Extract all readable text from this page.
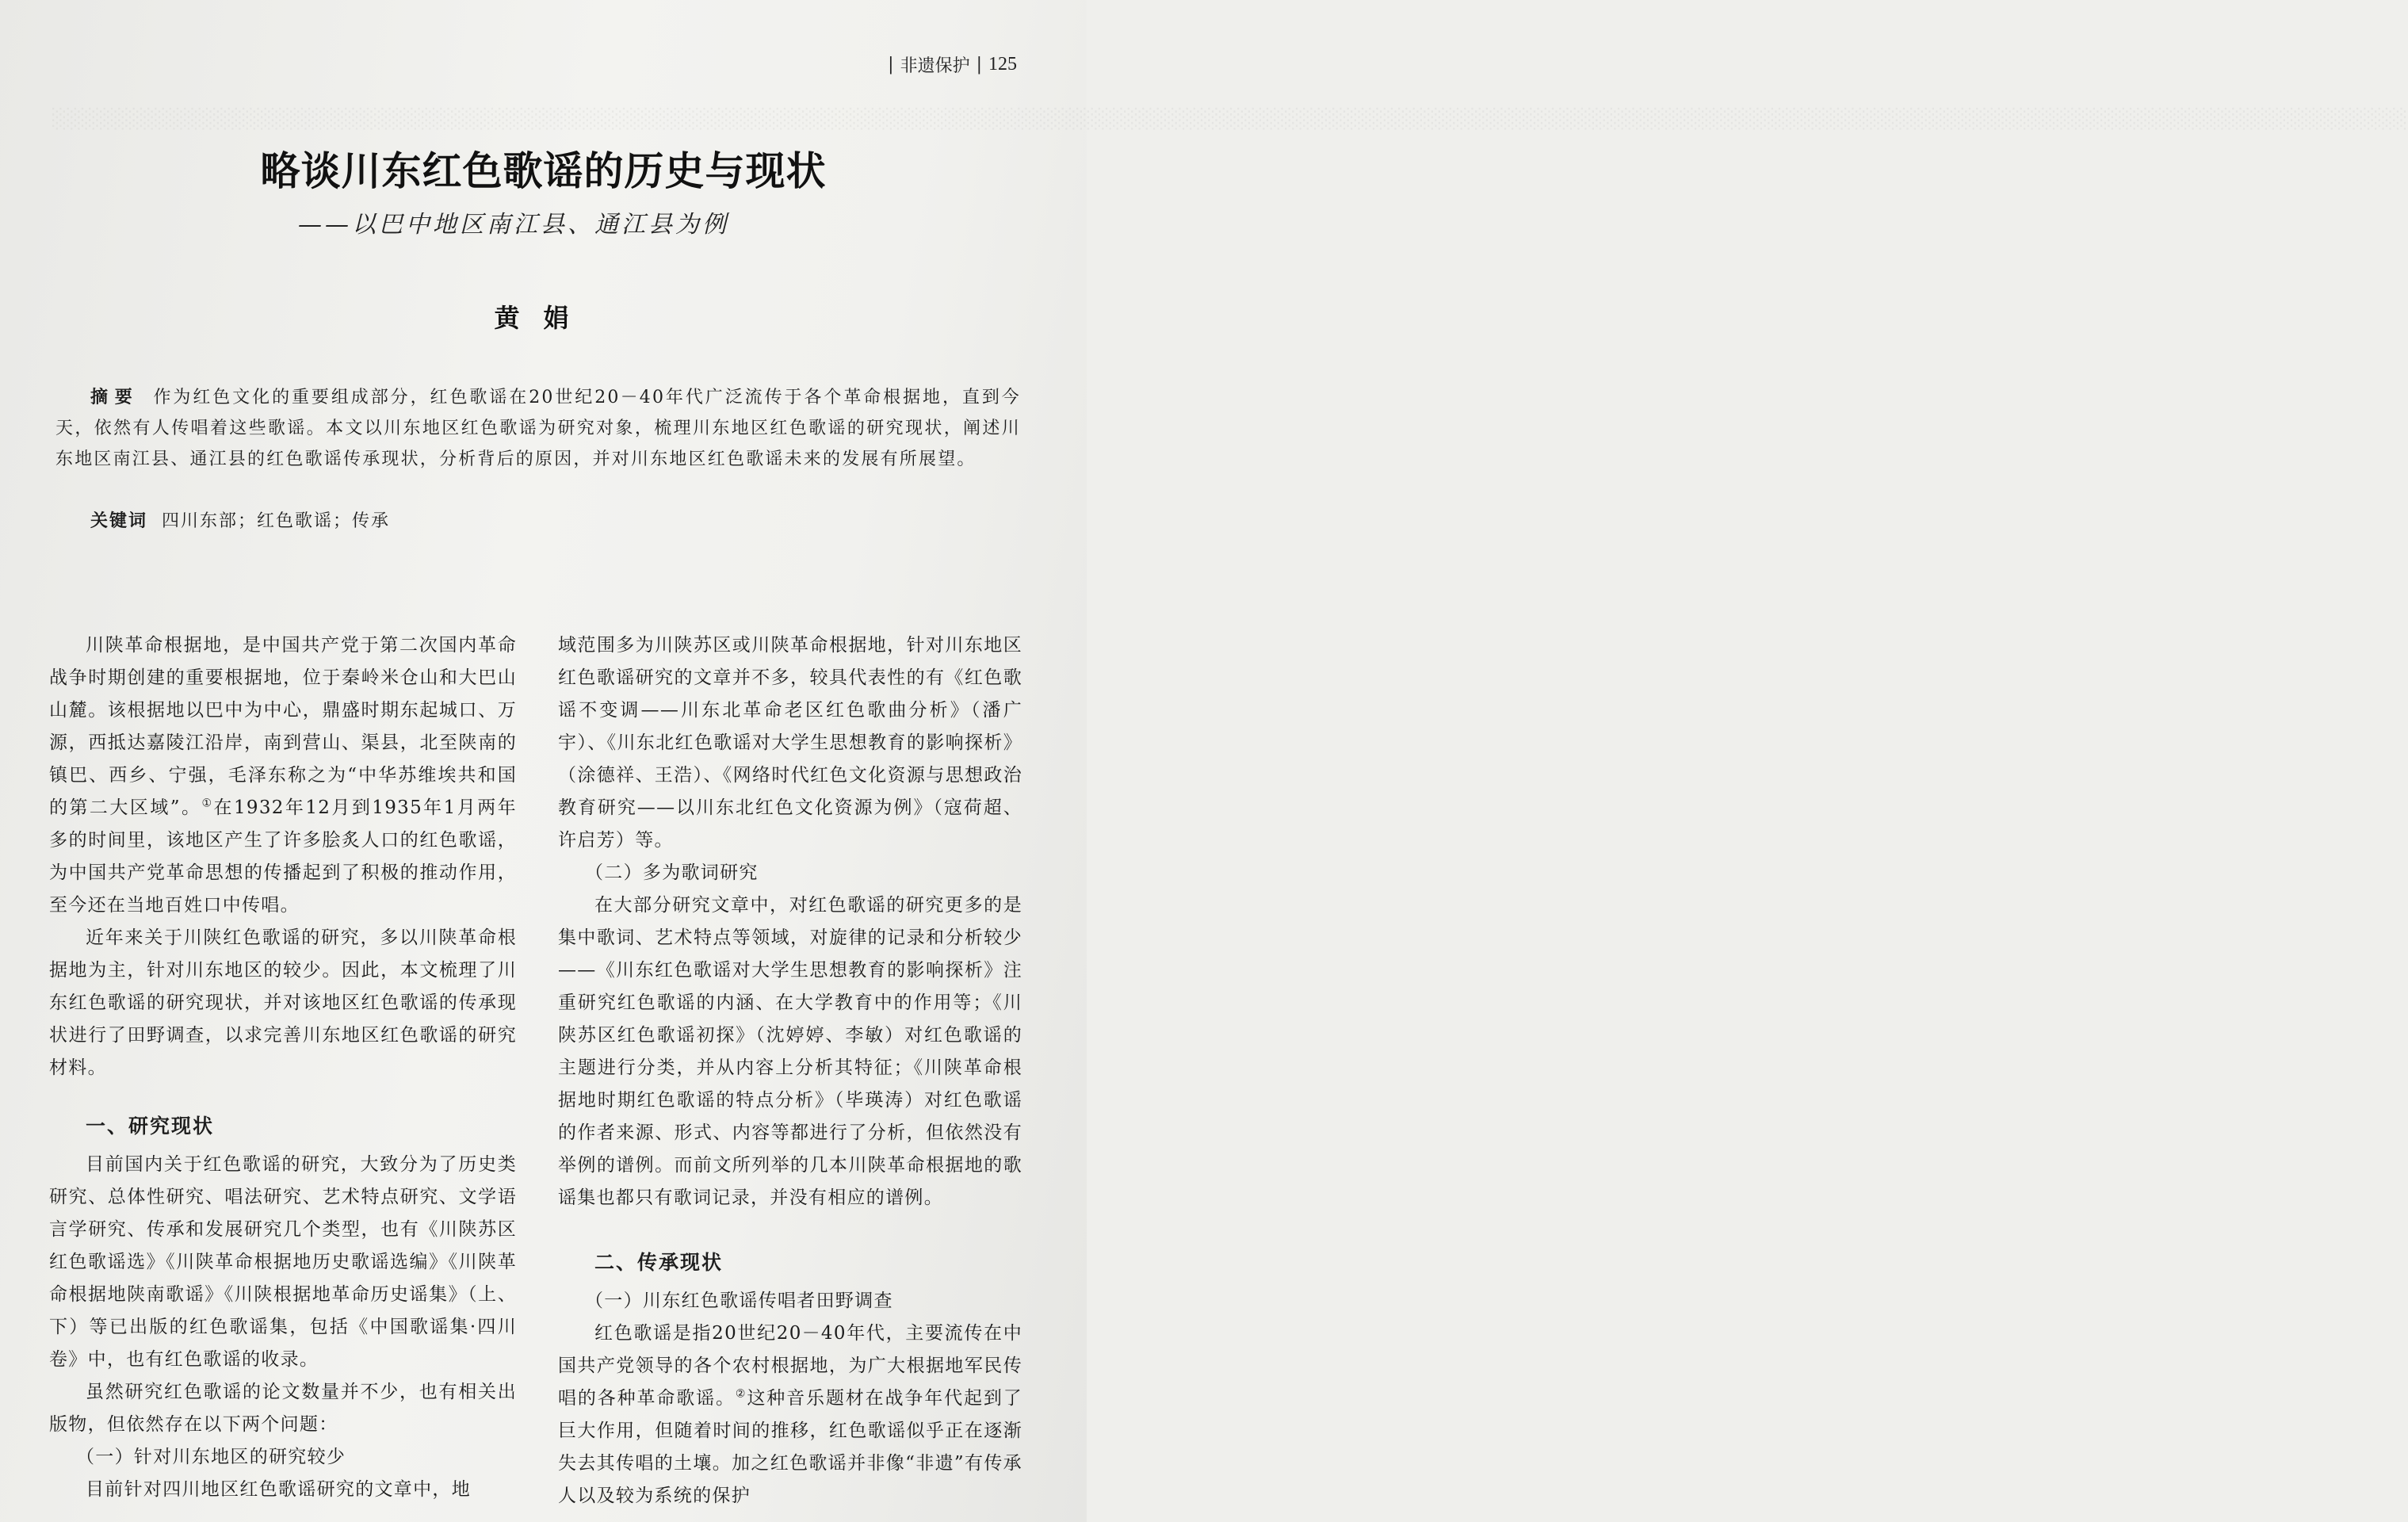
░░░░░░░░░░░░░░░░░░░░░░░░░░░░░░░░░░░░░░░░░░░░░░░░░░░░░░░░░░░░░░░░░░░░░░░░░░░░░░░░░░░░░░░░░░░░░░░░░░░░░░░░░░░░░░░░░░░░░░░░░░░░░░░░░░░░░░░░░░░░░░░░░░░░░░░░░░░░░░░░░
| 非遗保护 | 125
略谈川东红色歌谣的历史与现状
——以巴中地区南江县、通江县为例
黄娟
摘要 作为红色文化的重要组成部分，红色歌谣在20世纪20－40年代广泛流传于各个革命根据地，直到今天，依然有人传唱着这些歌谣。本文以川东地区红色歌谣为研究对象，梳理川东地区红色歌谣的研究现状，阐述川东地区南江县、通江县的红色歌谣传承现状，分析背后的原因，并对川东地区红色歌谣未来的发展有所展望。
关键词 四川东部；红色歌谣；传承

川陕革命根据地，是中国共产党于第二次国内革命战争时期创建的重要根据地，位于秦岭米仓山和大巴山山麓。该根据地以巴中为中心，鼎盛时期东起城口、万源，西抵达嘉陵江沿岸，南到营山、渠县，北至陕南的镇巴、西乡、宁强，毛泽东称之为“中华苏维埃共和国的第二大区域”。①在1932年12月到1935年1月两年多的时间里，该地区产生了许多脍炙人口的红色歌谣，为中国共产党革命思想的传播起到了积极的推动作用，至今还在当地百姓口中传唱。

近年来关于川陕红色歌谣的研究，多以川陕革命根据地为主，针对川东地区的较少。因此，本文梳理了川东红色歌谣的研究现状，并对该地区红色歌谣的传承现状进行了田野调查，以求完善川东地区红色歌谣的研究材料。

一、研究现状

目前国内关于红色歌谣的研究，大致分为了历史类研究、总体性研究、唱法研究、艺术特点研究、文学语言学研究、传承和发展研究几个类型，也有《川陕苏区红色歌谣选》《川陕革命根据地历史歌谣选编》《川陕革命根据地陕南歌谣》《川陕根据地革命历史谣集》（上、下）等已出版的红色歌谣集，包括《中国歌谣集·四川卷》中，也有红色歌谣的收录。

虽然研究红色歌谣的论文数量并不少，也有相关出版物，但依然存在以下两个问题：

（一）针对川东地区的研究较少

目前针对四川地区红色歌谣研究的文章中，地

域范围多为川陕苏区或川陕革命根据地，针对川东地区红色歌谣研究的文章并不多，较具代表性的有《红色歌谣不变调——川东北革命老区红色歌曲分析》（潘广宇）、《川东北红色歌谣对大学生思想教育的影响探析》（涂德祥、王浩）、《网络时代红色文化资源与思想政治教育研究——以川东北红色文化资源为例》（寇荷超、许启芳）等。

（二）多为歌词研究

在大部分研究文章中，对红色歌谣的研究更多的是集中歌词、艺术特点等领域，对旋律的记录和分析较少——《川东红色歌谣对大学生思想教育的影响探析》注重研究红色歌谣的内涵、在大学教育中的作用等；《川陕苏区红色歌谣初探》（沈婷婷、李敏）对红色歌谣的主题进行分类，并从内容上分析其特征；《川陕革命根据地时期红色歌谣的特点分析》（毕瑛涛）对红色歌谣的作者来源、形式、内容等都进行了分析，但依然没有举例的谱例。而前文所列举的几本川陕革命根据地的歌谣集也都只有歌词记录，并没有相应的谱例。

二、传承现状

（一）川东红色歌谣传唱者田野调查

红色歌谣是指20世纪20－40年代，主要流传在中国共产党领导的各个农村根据地，为广大根据地军民传唱的各种革命歌谣。②这种音乐题材在战争年代起到了巨大作用，但随着时间的推移，红色歌谣似乎正在逐渐失去其传唱的土壤。加之红色歌谣并非像“非遗”有传承人以及较为系统的保护
